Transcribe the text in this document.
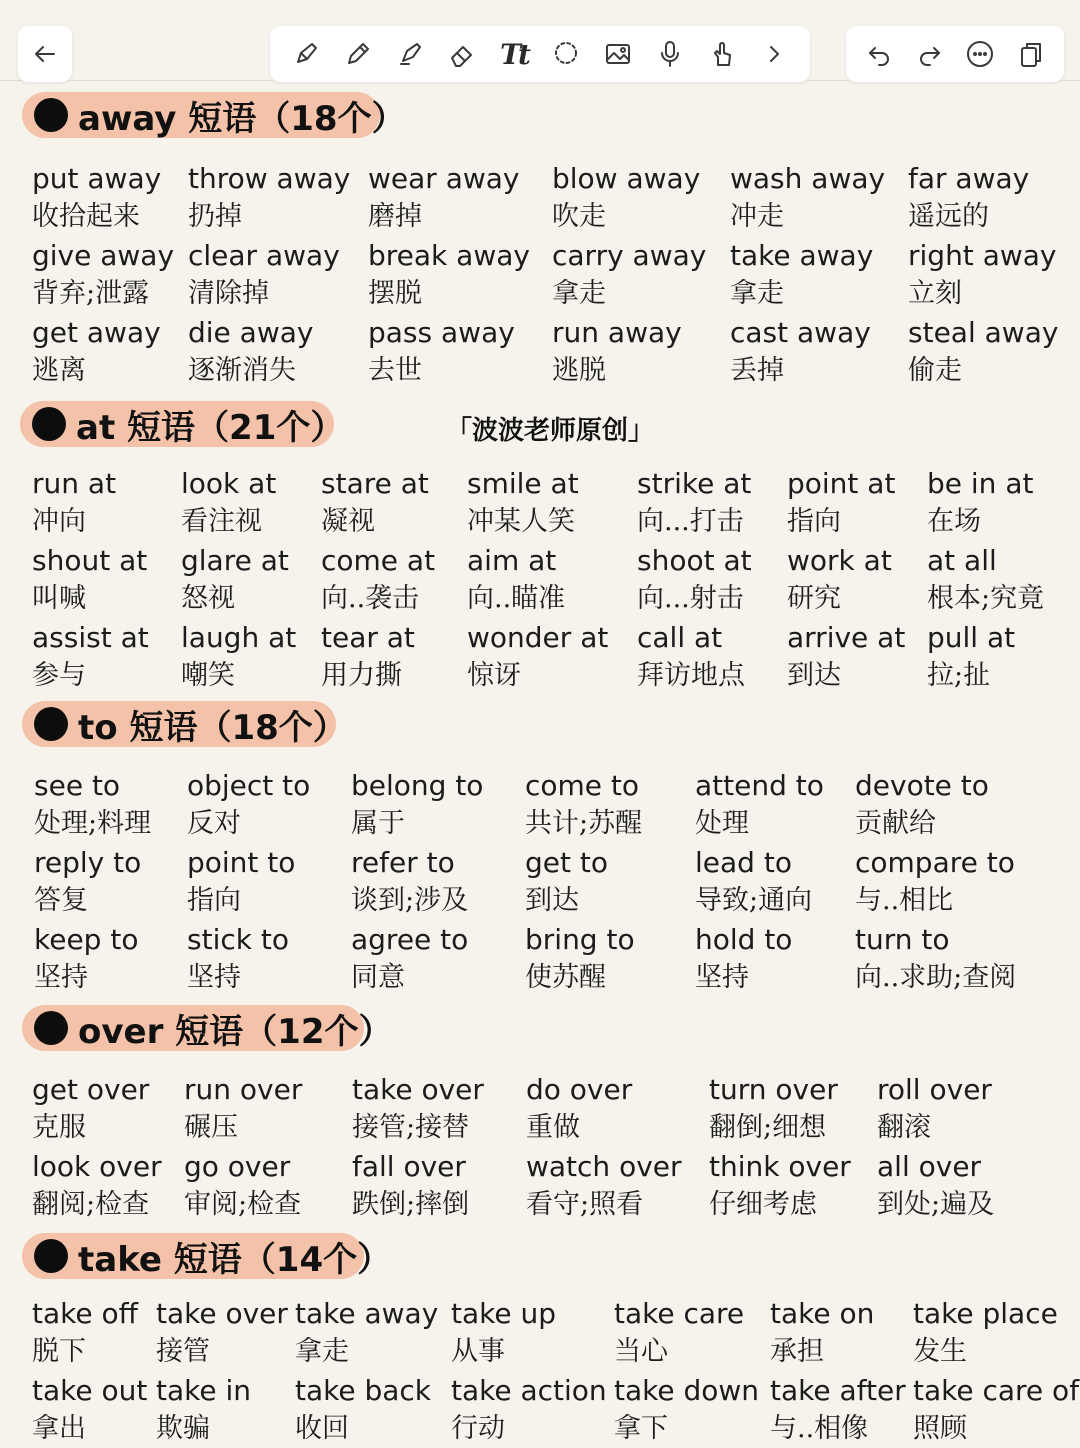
Tt
「波波老师原创」
away 短语（18个）
put away
收拾起来
throw away
扔掉
wear away
磨掉
blow away
吹走
wash away
冲走
far away
遥远的
give away
背弃;泄露
clear away
清除掉
break away
摆脱
carry away
拿走
take away
拿走
right away
立刻
get away
逃离
die away
逐渐消失
pass away
去世
run away
逃脱
cast away
丢掉
steal away
偷走
at 短语（21个）
run at
冲向
look at
看注视
stare at
凝视
smile at
冲某人笑
strike at
向...打击
point at
指向
be in at
在场
shout at
叫喊
glare at
怒视
come at
向..袭击
aim at
向..瞄准
shoot at
向...射击
work at
研究
at all
根本;究竟
assist at
参与
laugh at
嘲笑
tear at
用力撕
wonder at
惊讶
call at
拜访地点
arrive at
到达
pull at
拉;扯
to 短语（18个）
see to
处理;料理
object to
反对
belong to
属于
come to
共计;苏醒
attend to
处理
devote to
贡献给
reply to
答复
point to
指向
refer to
谈到;涉及
get to
到达
lead to
导致;通向
compare to
与..相比
keep to
坚持
stick to
坚持
agree to
同意
bring to
使苏醒
hold to
坚持
turn to
向..求助;查阅
over 短语（12个）
get over
克服
run over
碾压
take over
接管;接替
do over
重做
turn over
翻倒;细想
roll over
翻滚
look over
翻阅;检查
go over
审阅;检查
fall over
跌倒;摔倒
watch over
看守;照看
think over
仔细考虑
all over
到处;遍及
take 短语（14个）
take off
脱下
take over
接管
take away
拿走
take up
从事
take care
当心
take on
承担
take place
发生
take out
拿出
take in
欺骗
take back
收回
take action
行动
take down
拿下
take after
与..相像
take care of
照顾
